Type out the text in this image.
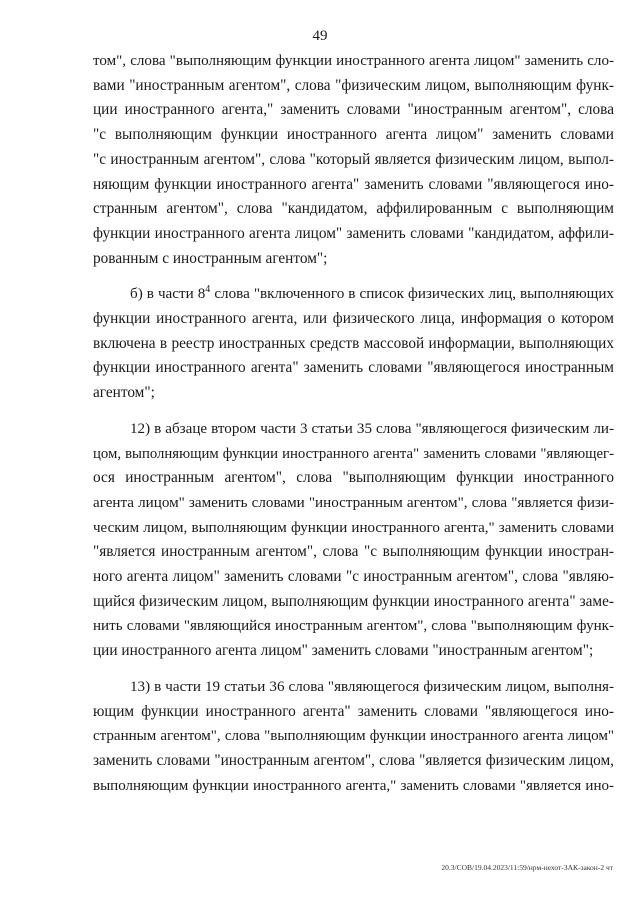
49

том", слова "выполняющим функции иностранного агента лицом" заменить сло-
вами "иностранным агентом", слова "физическим лицом, выполняющим функ-
ции иностранного агента," заменить словами "иностранным агентом", слова
"с выполняющим функции иностранного агента лицом" заменить словами
"с иностранным агентом", слова "который является физическим лицом, выпол-
няющим функции иностранного агента" заменить словами "являющегося ино-
странным агентом", слова "кандидатом, аффилированным с выполняющим
функции иностранного агента лицом" заменить словами "кандидатом, аффили-
рованным с иностранным агентом";

б) в части $8^4$ слова "включенного в список физических лиц, выполняющих
функции иностранного агента, или физического лица, информация о котором
включена в реестр иностранных средств массовой информации, выполняющих
функции иностранного агента" заменить словами "являющегося иностранным
агентом";

12) в абзаце втором части 3 статьи 35 слова "являющегося физическим ли-
цом, выполняющим функции иностранного агента" заменить словами "являющег-
ося иностранным агентом", слова "выполняющим функции иностранного
агента лицом" заменить словами "иностранным агентом", слова "является физи-
ческим лицом, выполняющим функции иностранного агента," заменить словами
"является иностранным агентом", слова "с выполняющим функции иностран-
ного агента лицом" заменить словами "с иностранным агентом", слова "являю-
щийся физическим лицом, выполняющим функции иностранного агента" заме-
нить словами "являющийся иностранным агентом", слова "выполняющим функ-
ции иностранного агента лицом" заменить словами "иностранным агентом";

13) в части 19 статьи 36 слова "являющегося физическим лицом, выполня-
ющим функции иностранного агента" заменить словами "являющегося ино-
странным агентом", слова "выполняющим функции иностранного агента лицом"
заменить словами "иностранным агентом", слова "является физическим лицом,
выполняющим функции иностранного агента," заменить словами "является ино-

20.3/СОВ/19.04.2023/11:59/нрм-нехот-ЗАК-закон-2 чт
